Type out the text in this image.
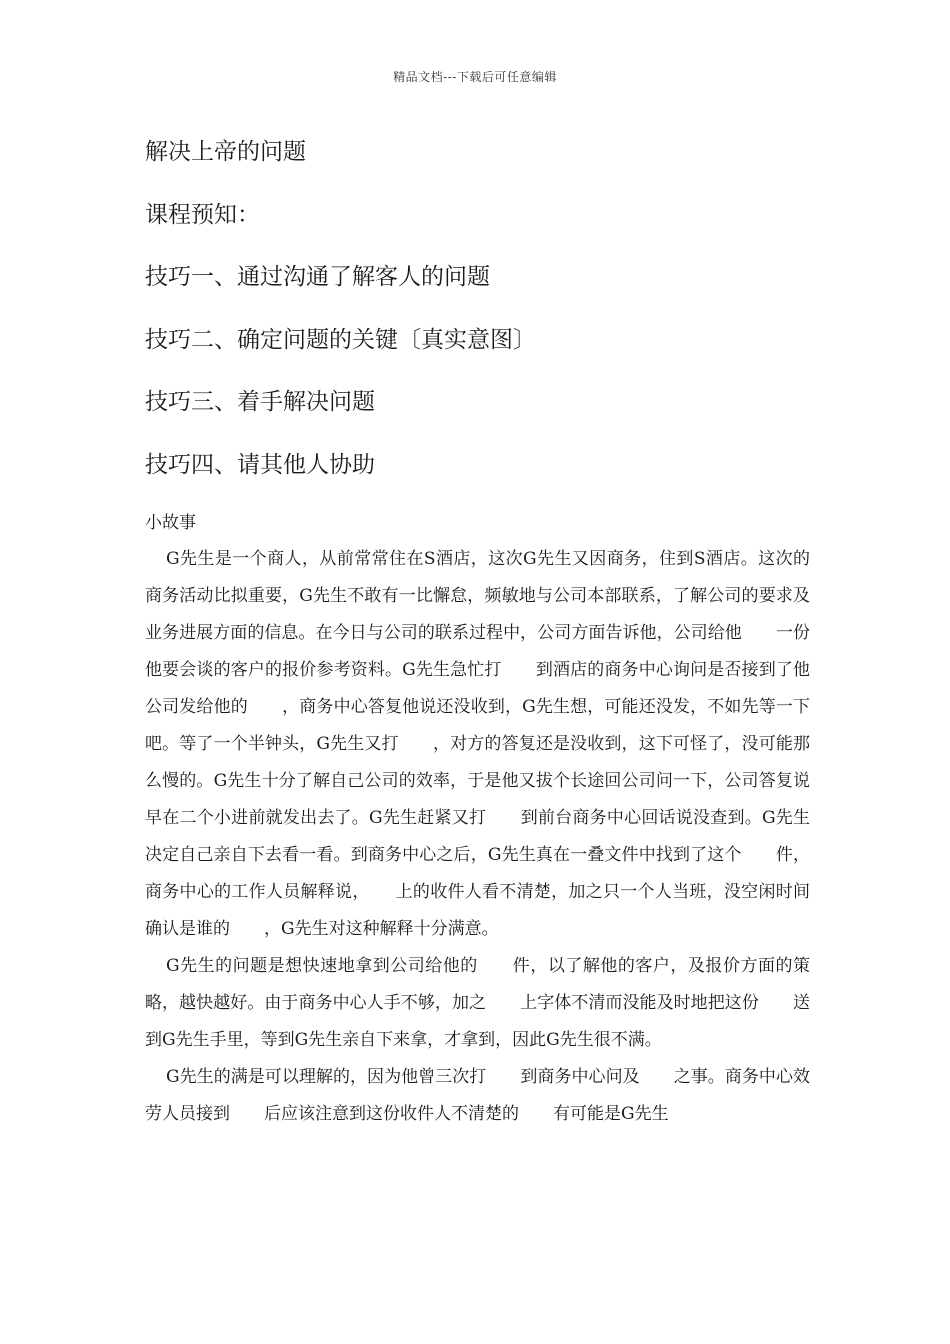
精品文档---下载后可任意编辑
解决上帝的问题
课程预知：
技巧一、通过沟通了解客人的问题
技巧二、确定问题的关键〔真实意图〕
技巧三、着手解决问题
技巧四、请其他人协助
小故事

G先生是一个商人，从前常常住在S酒店，这次G先生又因商务，住到S酒店。这次的商务活动比拟重要，G先生不敢有一比懈怠，频敏地与公司本部联系，了解公司的要求及业务进展方面的信息。在今日与公司的联系过程中，公司方面告诉他，公司给他　　一份他要会谈的客户的报价参考资料。G先生急忙打　　到酒店的商务中心询问是否接到了他公司发给他的　　，商务中心答复他说还没收到，G先生想，可能还没发，不如先等一下吧。等了一个半钟头，G先生又打　　，对方的答复还是没收到，这下可怪了，没可能那么慢的。G先生十分了解自己公司的效率，于是他又拔个长途回公司问一下，公司答复说早在二个小进前就发出去了。G先生赶紧又打　　到前台商务中心回话说没查到。G先生决定自己亲自下去看一看。到商务中心之后，G先生真在一叠文件中找到了这个　　件，商务中心的工作人员解释说，　　上的收件人看不清楚，加之只一个人当班，没空闲时间确认是谁的　　，G先生对这种解释十分满意。

G先生的问题是想快速地拿到公司给他的　　件，以了解他的客户，及报价方面的策略，越快越好。由于商务中心人手不够，加之　　上字体不清而没能及时地把这份　　送到G先生手里，等到G先生亲自下来拿，才拿到，因此G先生很不满。

G先生的满是可以理解的，因为他曾三次打　　到商务中心问及　　之事。商务中心效劳人员接到　　后应该注意到这份收件人不清楚的　　有可能是G先生
